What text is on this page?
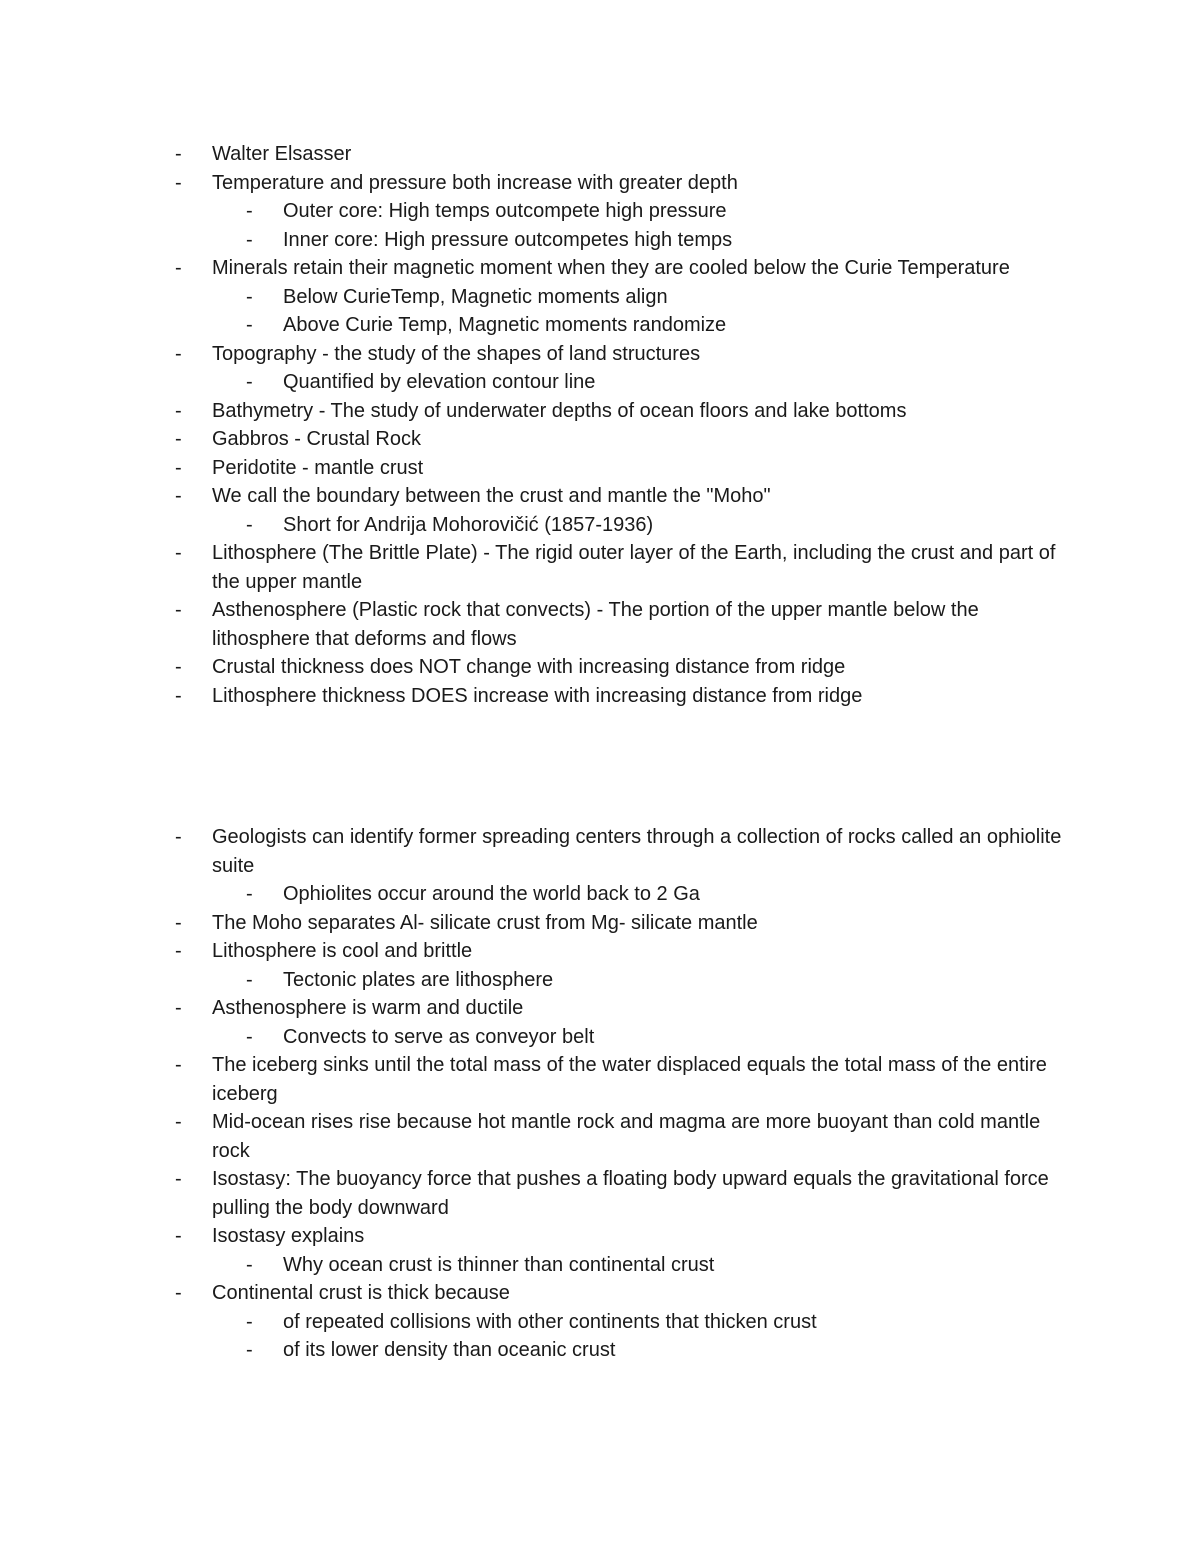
- Walter Elsasser
- Temperature and pressure both increase with greater depth
- Outer core: High temps outcompete high pressure
- Inner core: High pressure outcompetes high temps
- Minerals retain their magnetic moment when they are cooled below the Curie Temperature
- Below CurieTemp, Magnetic moments align
- Above Curie Temp, Magnetic moments randomize
- Topography - the study of the shapes of land structures
- Quantified by elevation contour line
- Bathymetry - The study of underwater depths of ocean floors and lake bottoms
- Gabbros - Crustal Rock
- Peridotite - mantle crust
- We call the boundary between the crust and mantle the "Moho"
- Short for Andrija Mohorovičić (1857-1936)
- Lithosphere (The Brittle Plate) - The rigid outer layer of the Earth, including the crust and part of the upper mantle
- Asthenosphere (Plastic rock that convects) - The portion of the upper mantle below the lithosphere that deforms and flows
- Crustal thickness does NOT change with increasing distance from ridge
- Lithosphere thickness DOES increase with increasing distance from ridge
- Geologists can identify former spreading centers through a collection of rocks called an ophiolite suite
- Ophiolites occur around the world back to 2 Ga
- The Moho separates Al- silicate crust from Mg- silicate mantle
- Lithosphere is cool and brittle
- Tectonic plates are lithosphere
- Asthenosphere is warm and ductile
- Convects to serve as conveyor belt
- The iceberg sinks until the total mass of the water displaced equals the total mass of the entire iceberg
- Mid-ocean rises rise because hot mantle rock and magma are more buoyant than cold mantle rock
- Isostasy: The buoyancy force that pushes a floating body upward equals the gravitational force pulling the body downward
- Isostasy explains
- Why ocean crust is thinner than continental crust
- Continental crust is thick because
- of repeated collisions with other continents that thicken crust
- of its lower density than oceanic crust
